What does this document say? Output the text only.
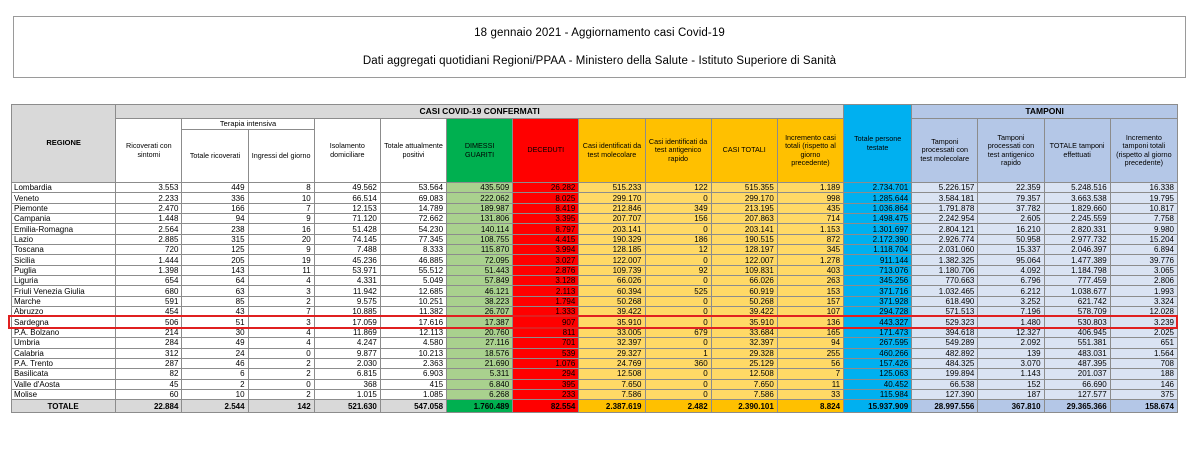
18 gennaio 2021 - Aggiornamento casi Covid-19
Dati aggregati quotidiani Regioni/PPAA - Ministero della Salute - Istituto Superiore di Sanità
REGIONE	CASI COVID-19 CONFERMATI											Totale persone testate	TAMPONI			
	Ricoverati con sintomi	Terapia intensiva		Isolamento domiciliare	Totale attualmente positivi	DIMESSI GUARITI	DECEDUTI	Casi identificati da test molecolare	Casi identificati da test antigenico rapido	CASI TOTALI	Incremento casi totali (rispetto al giorno precedente)		Tamponi processati con test molecolare	Tamponi processati con test antigenico rapido	TOTALE tamponi effettuati	Incremento tamponi totali (rispetto al giorno precedente)
		Totale ricoverati	Ingressi del giorno													
Lombardia	3.553	449	8	49.562	53.564	435.509	26.282	515.233	122	515.355	1.189	2.734.701	5.226.157	22.359	5.248.516	16.338
Veneto	2.233	336	10	66.514	69.083	222.062	8.025	299.170	0	299.170	998	1.285.644	3.584.181	79.357	3.663.538	19.795
Piemonte	2.470	166	7	12.153	14.789	189.987	8.419	212.846	349	213.195	435	1.036.864	1.791.878	37.782	1.829.660	10.817
Campania	1.448	94	9	71.120	72.662	131.806	3.395	207.707	156	207.863	714	1.498.475	2.242.954	2.605	2.245.559	7.758
Emilia-Romagna	2.564	238	16	51.428	54.230	140.114	8.797	203.141	0	203.141	1.153	1.301.697	2.804.121	16.210	2.820.331	9.980
Lazio	2.885	315	20	74.145	77.345	108.755	4.415	190.329	186	190.515	872	2.172.390	2.926.774	50.958	2.977.732	15.204
Toscana	720	125	9	7.488	8.333	115.870	3.994	128.185	12	128.197	345	1.118.704	2.031.060	15.337	2.046.397	6.894
Sicilia	1.444	205	19	45.236	46.885	72.095	3.027	122.007	0	122.007	1.278	911.144	1.382.325	95.064	1.477.389	39.776
Puglia	1.398	143	11	53.971	55.512	51.443	2.876	109.739	92	109.831	403	713.076	1.180.706	4.092	1.184.798	3.065
Liguria	654	64	4	4.331	5.049	57.849	3.128	66.026	0	66.026	263	345.256	770.663	6.796	777.459	2.806
Friuli Venezia Giulia	680	63	3	11.942	12.685	46.121	2.113	60.394	525	60.919	153	371.716	1.032.465	6.212	1.038.677	1.993
Marche	591	85	2	9.575	10.251	38.223	1.794	50.268	0	50.268	157	371.928	618.490	3.252	621.742	3.324
Abruzzo	454	43	7	10.885	11.382	26.707	1.333	39.422	0	39.422	107	294.728	571.513	7.196	578.709	12.028
Sardegna	506	51	3	17.059	17.616	17.387	907	35.910	0	35.910	136	443.327	529.323	1.480	530.803	3.239
P.A. Bolzano	214	30	4	11.869	12.113	20.760	811	33.005	679	33.684	165	171.473	394.618	12.327	406.945	2.025
Umbria	284	49	4	4.247	4.580	27.116	701	32.397	0	32.397	94	267.595	549.289	2.092	551.381	651
Calabria	312	24	0	9.877	10.213	18.576	539	29.327	1	29.328	255	460.266	482.892	139	483.031	1.564
P.A. Trento	287	46	2	2.030	2.363	21.690	1.076	24.769	360	25.129	56	157.426	484.325	3.070	487.395	708
Basilicata	82	6	2	6.815	6.903	5.311	294	12.508	0	12.508	7	125.063	199.894	1.143	201.037	188
Valle d'Aosta	45	2	0	368	415	6.840	395	7.650	0	7.650	11	40.452	66.538	152	66.690	146
Molise	60	10	2	1.015	1.085	6.268	233	7.586	0	7.586	33	115.984	127.390	187	127.577	375
TOTALE	22.884	2.544	142	521.630	547.058	1.760.489	82.554	2.387.619	2.482	2.390.101	8.824	15.937.909	28.997.556	367.810	29.365.366	158.674
